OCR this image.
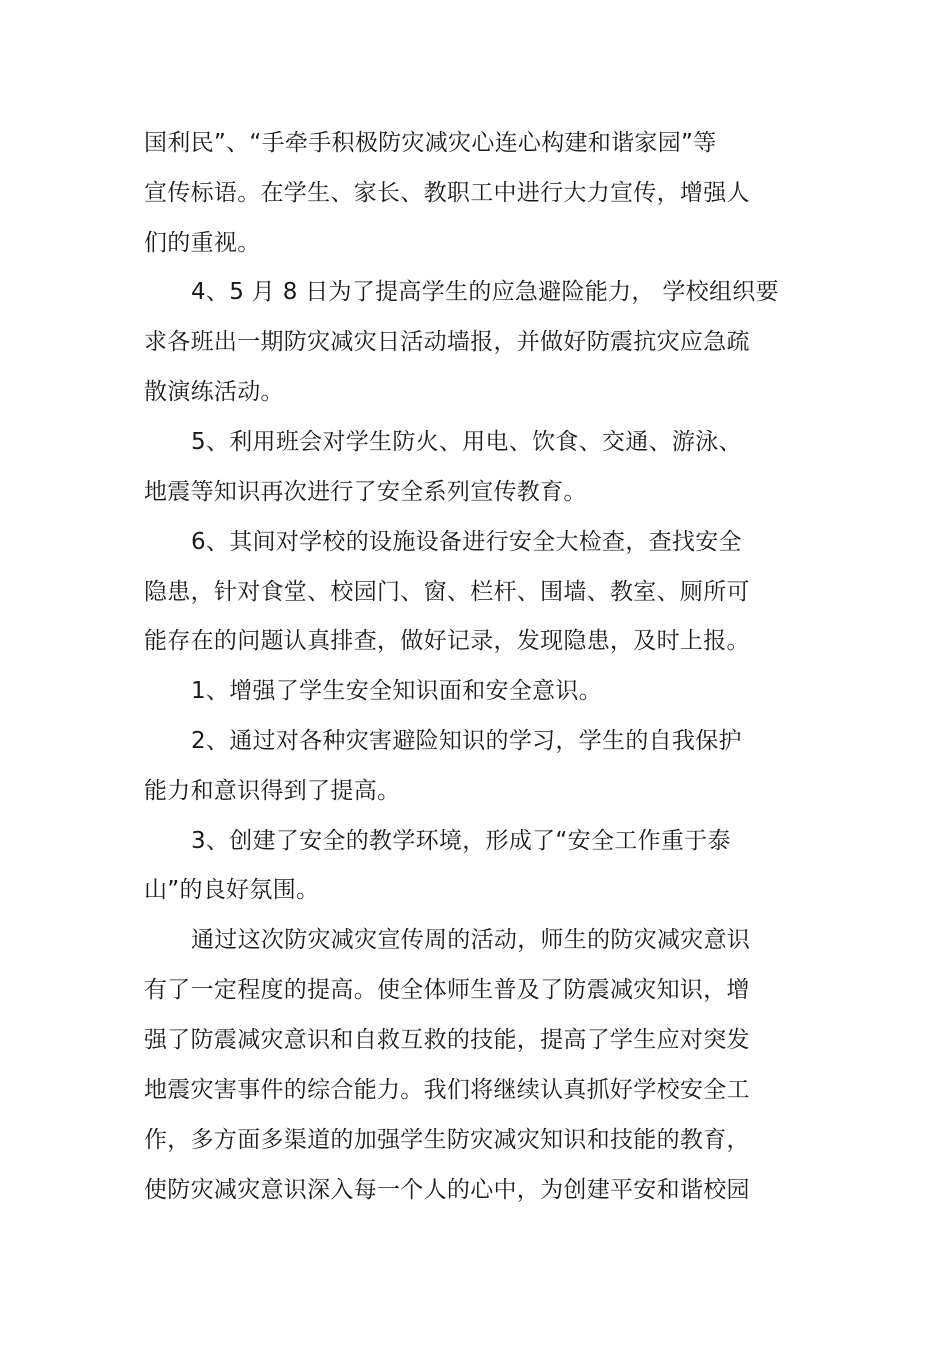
国利民”、“手牵手积极防灾减灾心连心构建和谐家园”等
宣传标语。在学生、家长、教职工中进行大力宣传，增强人
们的重视。
4、5 月 8 日为了提高学生的应急避险能力， 学校组织要
求各班出一期防灾减灾日活动墙报，并做好防震抗灾应急疏
散演练活动。
5、利用班会对学生防火、用电、饮食、交通、游泳、
地震等知识再次进行了安全系列宣传教育。
6、其间对学校的设施设备进行安全大检查，查找安全
隐患，针对食堂、校园门、窗、栏杆、围墙、教室、厕所可
能存在的问题认真排查，做好记录，发现隐患，及时上报。
1、增强了学生安全知识面和安全意识。
2、通过对各种灾害避险知识的学习，学生的自我保护
能力和意识得到了提高。
3、创建了安全的教学环境，形成了“安全工作重于泰
山”的良好氛围。
通过这次防灾减灾宣传周的活动，师生的防灾减灾意识
有了一定程度的提高。使全体师生普及了防震减灾知识，增
强了防震减灾意识和自救互救的技能，提高了学生应对突发
地震灾害事件的综合能力。我们将继续认真抓好学校安全工
作，多方面多渠道的加强学生防灾减灾知识和技能的教育，
使防灾减灾意识深入每一个人的心中，为创建平安和谐校园
